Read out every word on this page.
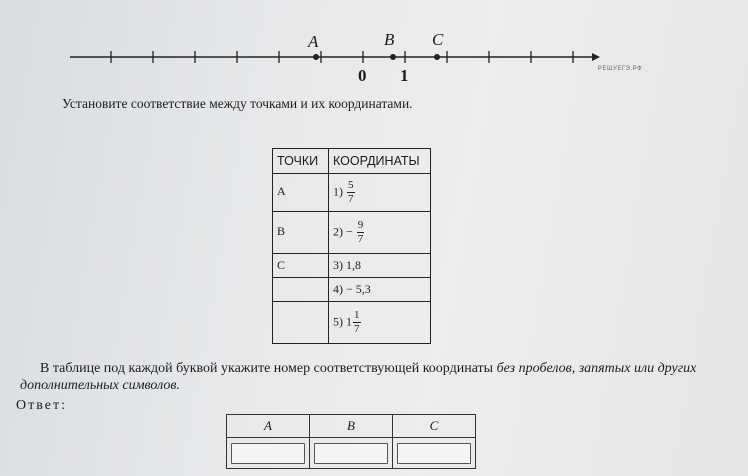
A	B C
0 1	РЕШУЕГЭ.РФ
Установите соответствие между точками и их координатами.
ТОЧКИ	КООРДИНАТЫ
А	$1) \frac{5}{7}$

В	$2) - \frac{9}{7}$

С	3) 1,8
	4) − 5,3
	5) $1 \frac{1}{7}$
В таблице под каждой буквой укажите номер соответствующей координаты без пробелов, запятых или других дополнительных символов.
Ответ:
А	В	С
